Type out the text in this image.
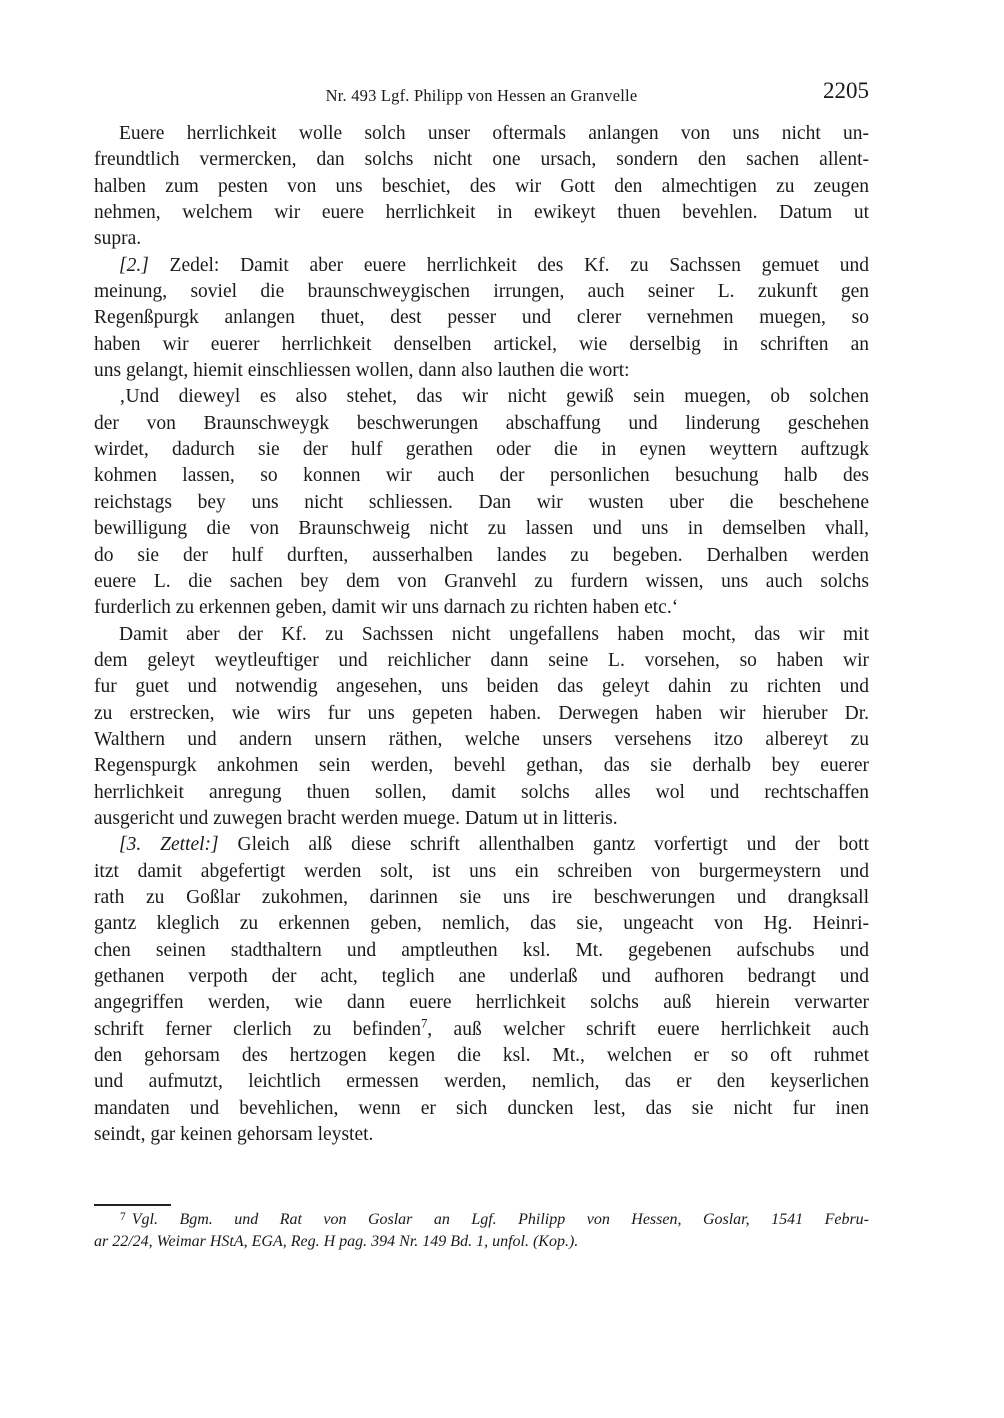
Nr. 493 Lgf. Philipp von Hessen an Granvelle	2205
Euere herrlichkeit wolle solch unser oftermals anlangen von uns nicht un-
freundtlich vermercken, dan solchs nicht one ursach, sondern den sachen allent-
halben zum pesten von uns beschiet, des wir Gott den almechtigen zu zeugen
nehmen, welchem wir euere herrlichkeit in ewikeyt thuen bevehlen. Datum ut
supra.
[2.] Zedel: Damit aber euere herrlichkeit des Kf. zu Sachssen gemuet und
meinung, soviel die braunschweygischen irrungen, auch seiner L. zukunft gen
Regenßpurgk anlangen thuet, dest pesser und clerer vernehmen muegen, so
haben wir euerer herrlichkeit denselben artickel, wie derselbig in schriften an
uns gelangt, hiemit einschliessen wollen, dann also lauthen die wort:
‚Und dieweyl es also stehet, das wir nicht gewiß sein muegen, ob solchen
der von Braunschweygk beschwerungen abschaffung und linderung geschehen
wirdet, dadurch sie der hulf gerathen oder die in eynen weyttern auftzugk
kohmen lassen, so konnen wir auch der personlichen besuchung halb des
reichstags bey uns nicht schliessen. Dan wir wusten uber die beschehene
bewilligung die von Braunschweig nicht zu lassen und uns in demselben vhall,
do sie der hulf durften, ausserhalben landes zu begeben. Derhalben werden
euere L. die sachen bey dem von Granvehl zu furdern wissen, uns auch solchs
furderlich zu erkennen geben, damit wir uns darnach zu richten haben etc.‘
Damit aber der Kf. zu Sachssen nicht ungefallens haben mocht, das wir mit
dem geleyt weytleuftiger und reichlicher dann seine L. vorsehen, so haben wir
fur guet und notwendig angesehen, uns beiden das geleyt dahin zu richten und
zu erstrecken, wie wirs fur uns gepeten haben. Derwegen haben wir hieruber Dr.
Walthern und andern unsern räthen, welche unsers versehens itzo albereyt zu
Regenspurgk ankohmen sein werden, bevehl gethan, das sie derhalb bey euerer
herrlichkeit anregung thuen sollen, damit solchs alles wol und rechtschaffen
ausgericht und zuwegen bracht werden muege. Datum ut in litteris.
[3. Zettel:] Gleich alß diese schrift allenthalben gantz vorfertigt und der bott
itzt damit abgefertigt werden solt, ist uns ein schreiben von burgermeystern und
rath zu Goßlar zukohmen, darinnen sie uns ire beschwerungen und drangksall
gantz kleglich zu erkennen geben, nemlich, das sie, ungeacht von Hg. Heinri-
chen seinen stadthaltern und amptleuthen ksl. Mt. gegebenen aufschubs und
gethanen verpoth der acht, teglich ane underlaß und aufhoren bedrangt und
angegriffen werden, wie dann euere herrlichkeit solchs auß hierein verwarter
schrift ferner clerlich zu befinden$^7$, auß welcher schrift euere herrlichkeit auch
den gehorsam des hertzogen kegen die ksl. Mt., welchen er so oft ruhmet
und aufmutzt, leichtlich ermessen werden, nemlich, das er den keyserlichen
mandaten und bevehlichen, wenn er sich duncken lest, das sie nicht fur inen
seindt, gar keinen gehorsam leystet.
$^7$ Vgl. Bgm. und Rat von Goslar an Lgf. Philipp von Hessen, Goslar, 1541 Febru-
ar 22/24, Weimar HStA, EGA, Reg. H pag. 394 Nr. 149 Bd. 1, unfol. (Kop.).
